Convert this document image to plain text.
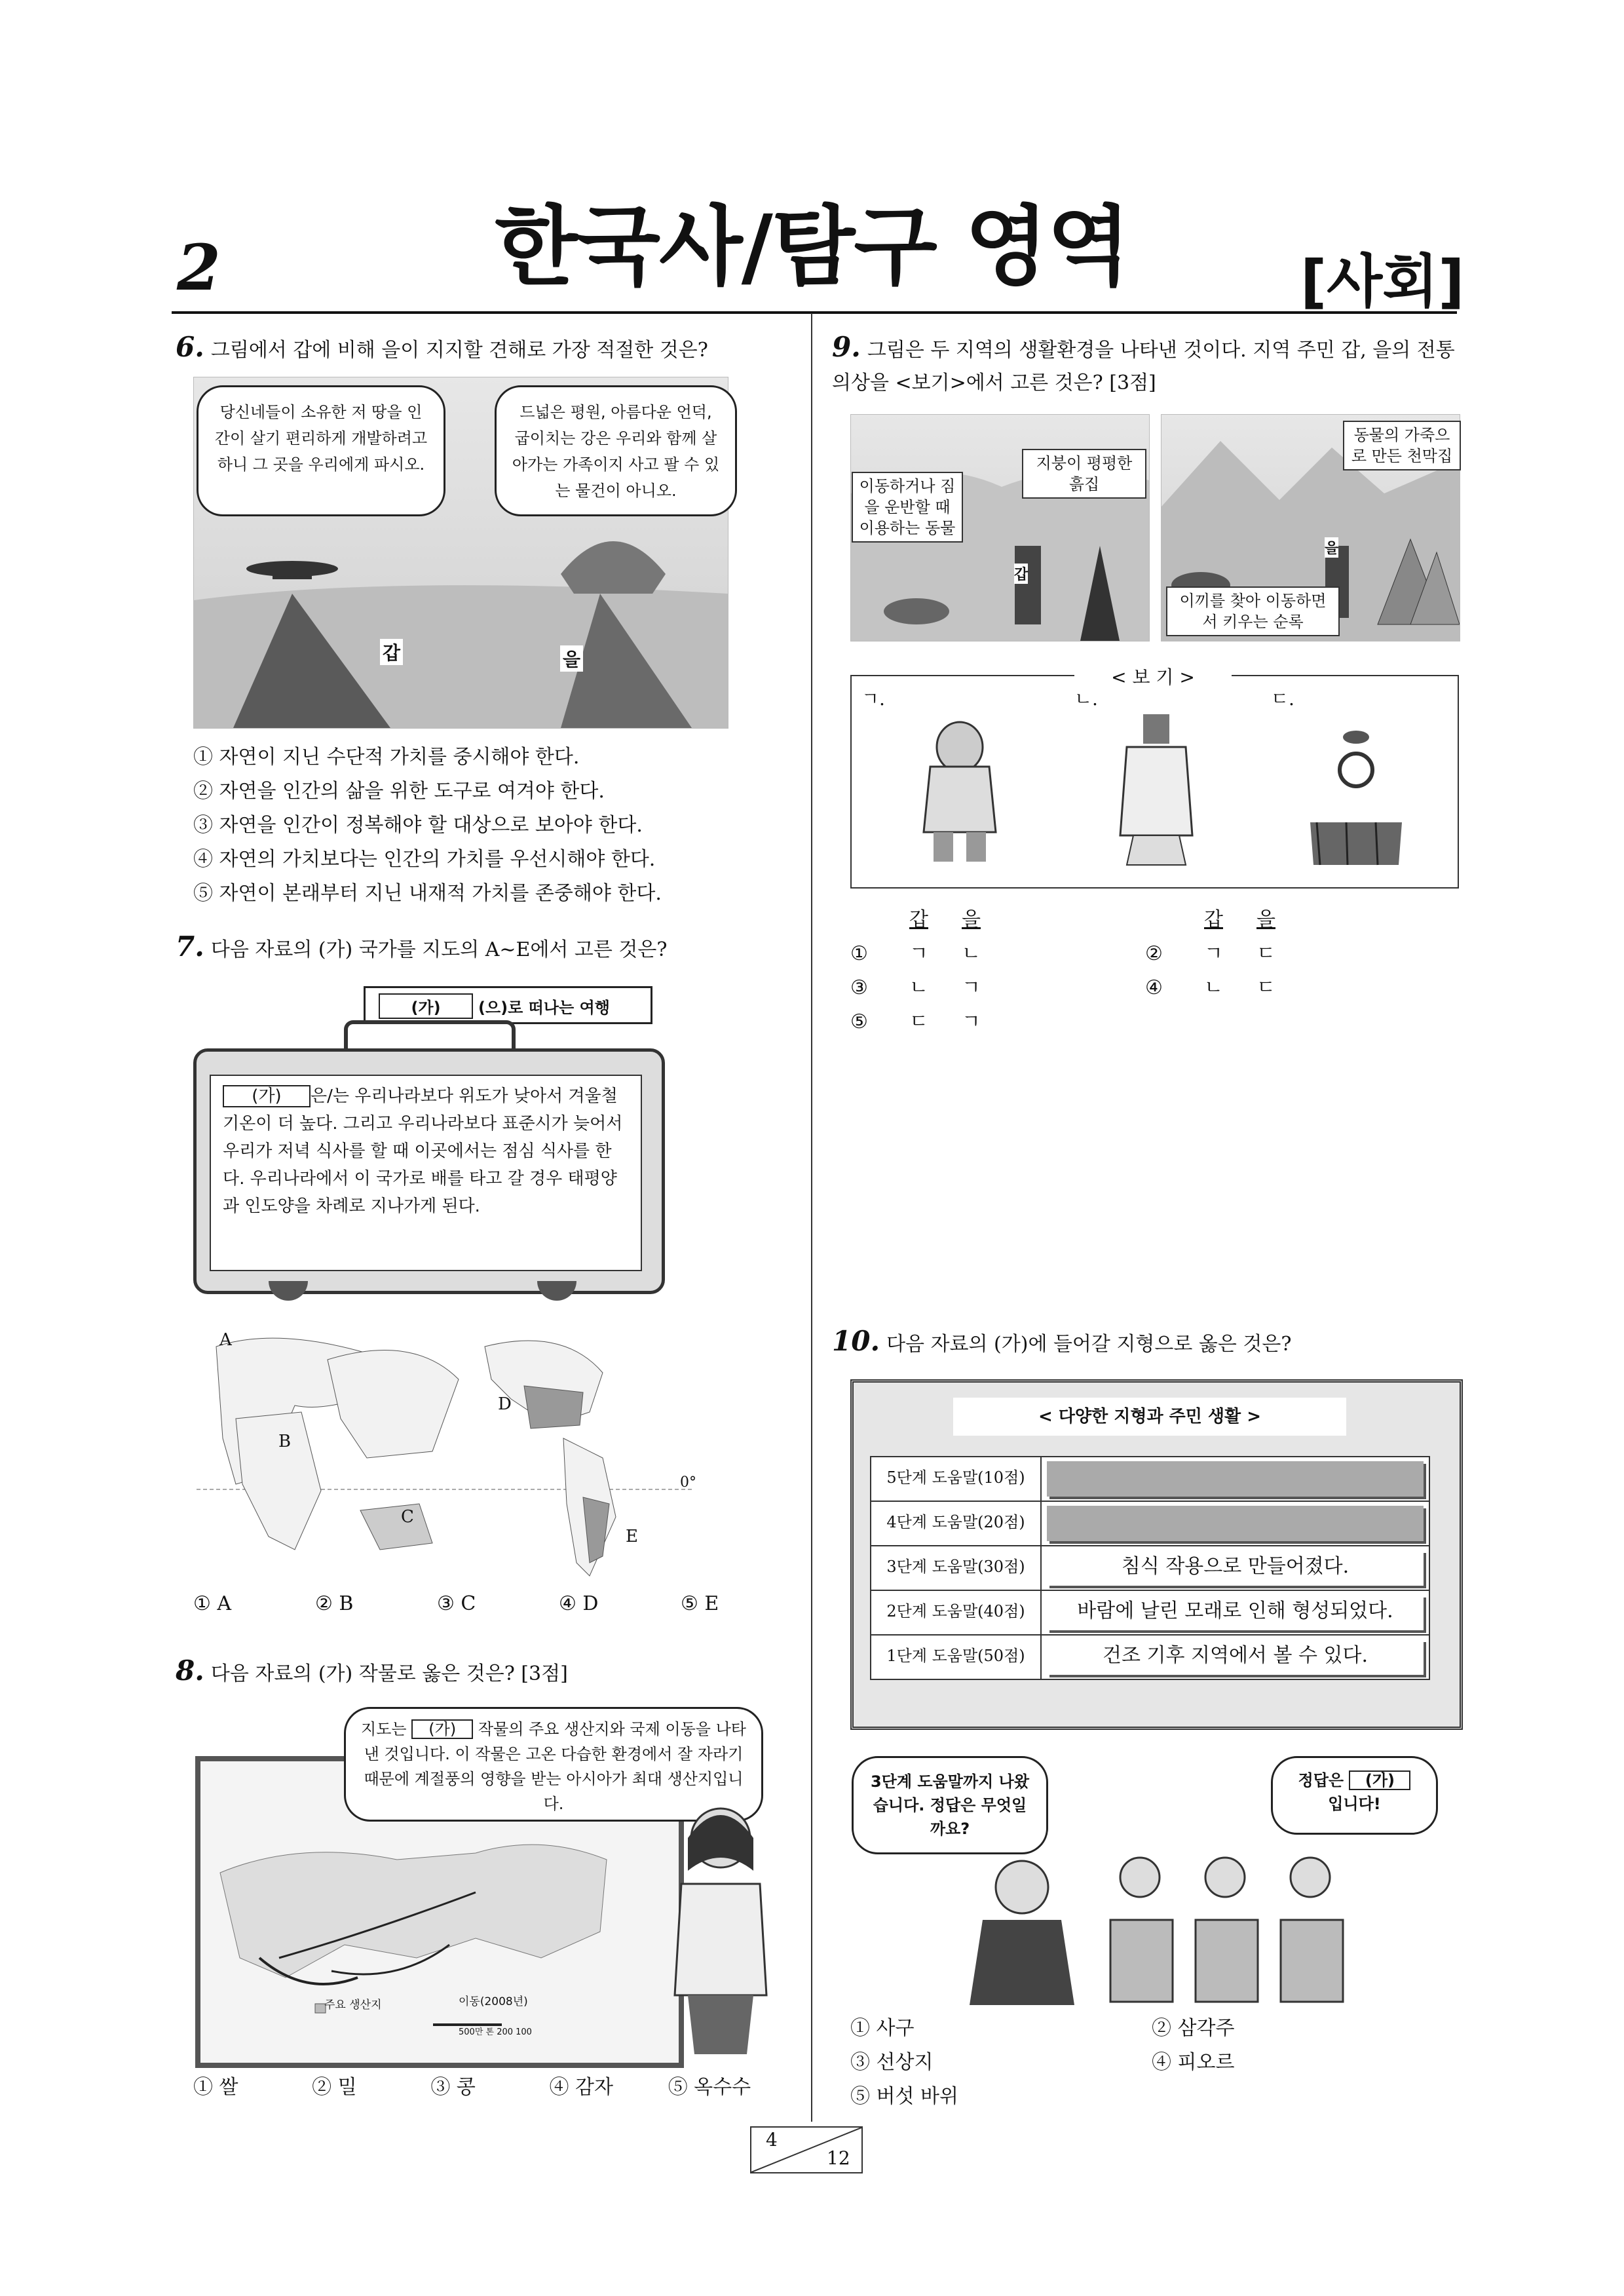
2	한국사/탐구 영역	[사회]
6. 그림에서 갑에 비해 을이 지지할 견해로 가장 적절한 것은?
당신네들이 소유한 저 땅을 인간이 살기 편리하게 개발하려고 하니 그 곳을 우리에게 파시오.
드넓은 평원, 아름다운 언덕, 굽이치는 강은 우리와 함께 살아가는 가족이지 사고 팔 수 있는 물건이 아니오.
갑	을
① 자연이 지닌 수단적 가치를 중시해야 한다.
② 자연을 인간의 삶을 위한 도구로 여겨야 한다.
③ 자연을 인간이 정복해야 할 대상으로 보아야 한다.
④ 자연의 가치보다는 인간의 가치를 우선시해야 한다.
⑤ 자연이 본래부터 지닌 내재적 가치를 존중해야 한다.
7. 다음 자료의 (가) 국가를 지도의 A∼E에서 고른 것은?
(가)	(으)로 떠나는 여행
(가) 은/는 우리나라보다 위도가 낮아서 겨울철 기온이 더 높다. 그리고 우리나라보다 표준시가 늦어서 우리가 저녁 식사를 할 때 이곳에서는 점심 식사를 한다. 우리나라에서 이 국가로 배를 타고 갈 경우 태평양과 인도양을 차례로 지나가게 된다.
A
B
C
D
E
0°
① A	② B	③ C	④ D	⑤ E
8. 다음 자료의 (가) 작물로 옳은 것은? [3점]
주요 생산지	이동(2008년)
500만 톤 200 100
지도는 (가) 작물의 주요 생산지와 국제 이동을 나타낸 것입니다. 이 작물은 고온 다습한 환경에서 잘 자라기 때문에 계절풍의 영향을 받는 아시아가 최대 생산지입니다.
① 쌀	② 밀	③ 콩	④ 감자	⑤ 옥수수
9. 그림은 두 지역의 생활환경을 나타낸 것이다. 지역 주민 갑, 을의 전통 의상을 <보기>에서 고른 것은? [3점]
이동하거나 짐을 운반할 때 이용하는 동물
지붕이 평평한 흙집
동물의 가죽으로 만든 천막집
이끼를 찾아 이동하면서 키우는 순록
갑
을
< 보 기 >
ㄱ.	ㄴ.	ㄷ.
갑	을	갑	을
①	ㄱ	ㄴ	②	ㄱ	ㄷ
③	ㄴ	ㄱ	④	ㄴ	ㄷ
⑤	ㄷ	ㄱ
10. 다음 자료의 (가)에 들어갈 지형으로 옳은 것은?
< 다양한 지형과 주민 생활 >
5단계 도움말(10점)
4단계 도움말(20점)
3단계 도움말(30점)	침식 작용으로 만들어졌다.
2단계 도움말(40점)	바람에 날린 모래로 인해 형성되었다.
1단계 도움말(50점)	건조 기후 지역에서 볼 수 있다.
3단계 도움말까지 나왔습니다. 정답은 무엇일까요?
정답은 (가)
입니다!
① 사구	② 삼각주
③ 선상지	④ 피오르
⑤ 버섯 바위
4
12
